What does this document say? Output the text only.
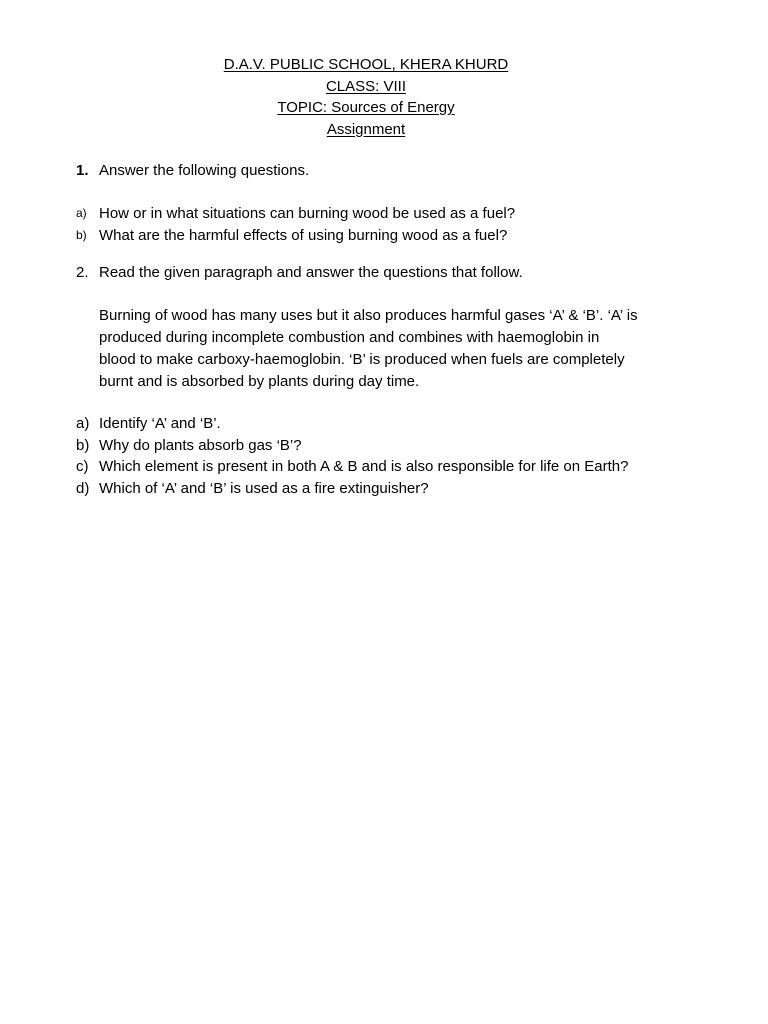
D.A.V. PUBLIC SCHOOL, KHERA KHURD
CLASS: VIII
TOPIC: Sources of Energy
Assignment
1. Answer the following questions.
a) How or in what situations can burning wood be used as a fuel?
b) What are the harmful effects of using burning wood as a fuel?
2. Read the given paragraph and answer the questions that follow.
Burning of wood has many uses but it also produces harmful gases ‘A’ & ‘B’. ‘A’ is
produced during incomplete combustion and combines with haemoglobin in
blood to make carboxy-haemoglobin. ‘B’ is produced when fuels are completely
burnt and is absorbed by plants during day time.
a) Identify ‘A’ and ‘B’.
b) Why do plants absorb gas ‘B’?
c) Which element is present in both A & B and is also responsible for life on Earth?
d) Which of ‘A’ and ‘B’ is used as a fire extinguisher?
